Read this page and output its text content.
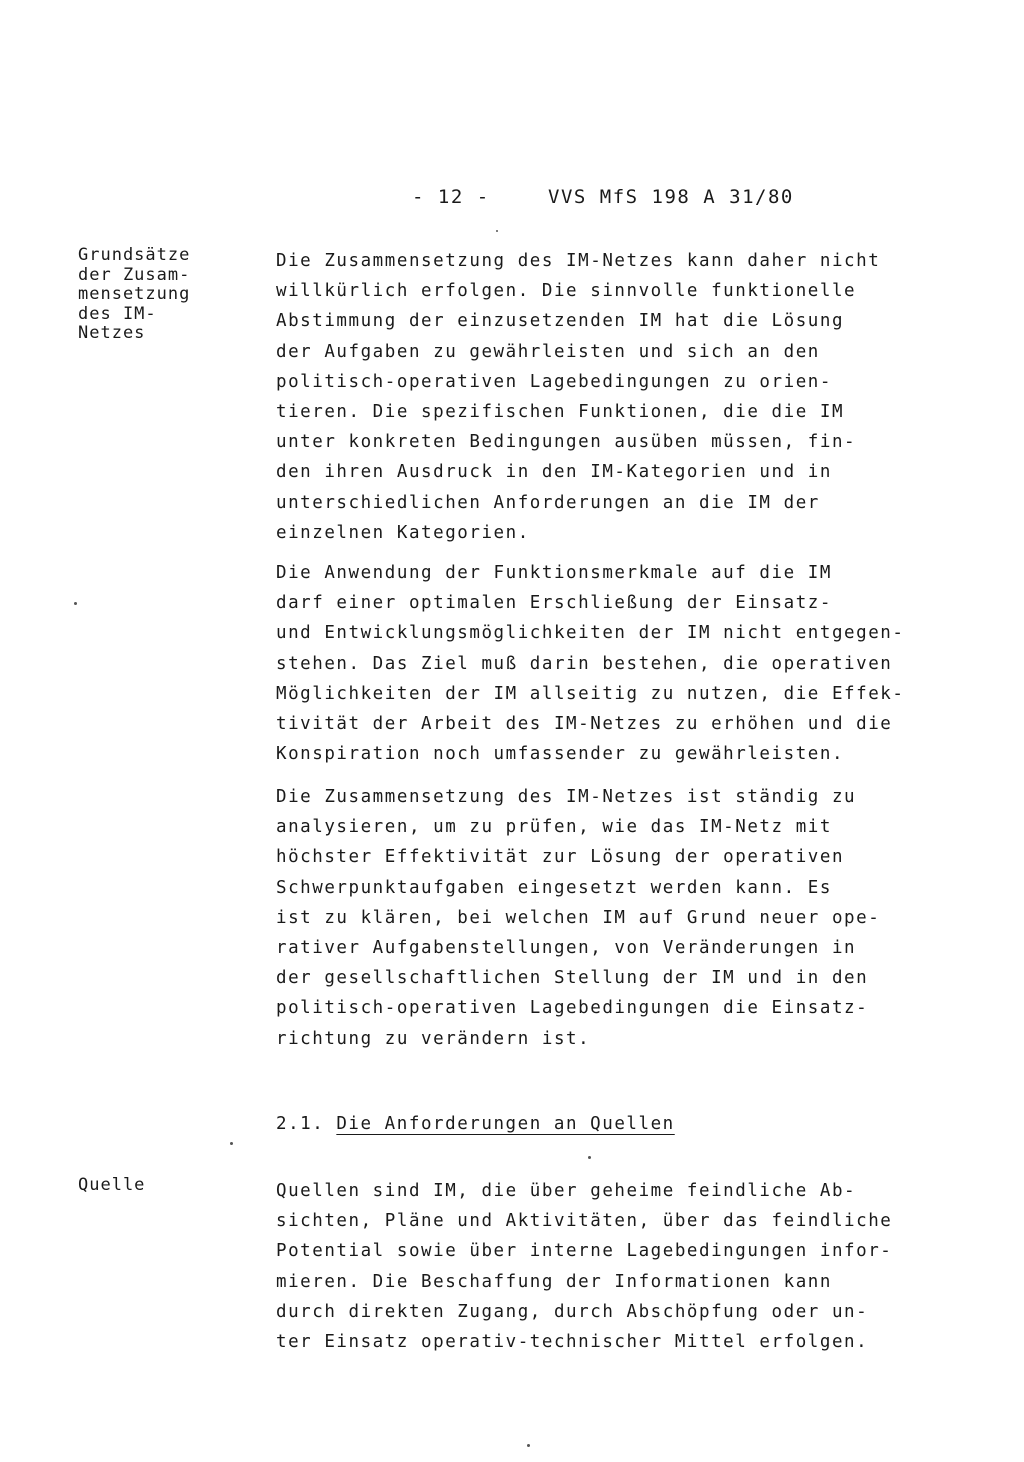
- 12 -	VVS MfS 198 A 31/80
Grundsätze
der Zusam-
mensetzung
des IM-
Netzes
Die Zusammensetzung des IM-Netzes kann daher nicht
willkürlich erfolgen. Die sinnvolle funktionelle
Abstimmung der einzusetzenden IM hat die Lösung
der Aufgaben zu gewährleisten und sich an den
politisch-operativen Lagebedingungen zu orien-
tieren. Die spezifischen Funktionen, die die IM
unter konkreten Bedingungen ausüben müssen, fin-
den ihren Ausdruck in den IM-Kategorien und in
unterschiedlichen Anforderungen an die IM der
einzelnen Kategorien.
Die Anwendung der Funktionsmerkmale auf die IM
darf einer optimalen Erschließung der Einsatz-
und Entwicklungsmöglichkeiten der IM nicht entgegen-
stehen. Das Ziel muß darin bestehen, die operativen
Möglichkeiten der IM allseitig zu nutzen, die Effek-
tivität der Arbeit des IM-Netzes zu erhöhen und die
Konspiration noch umfassender zu gewährleisten.
Die Zusammensetzung des IM-Netzes ist ständig zu
analysieren, um zu prüfen, wie das IM-Netz mit
höchster Effektivität zur Lösung der operativen
Schwerpunktaufgaben eingesetzt werden kann. Es
ist zu klären, bei welchen IM auf Grund neuer ope-
rativer Aufgabenstellungen, von Veränderungen in
der gesellschaftlichen Stellung der IM und in den
politisch-operativen Lagebedingungen die Einsatz-
richtung zu verändern ist.
2.1. Die Anforderungen an Quellen
Quelle	Quellen sind IM, die über geheime feindliche Ab-
sichten, Pläne und Aktivitäten, über das feindliche
Potential sowie über interne Lagebedingungen infor-
mieren. Die Beschaffung der Informationen kann
durch direkten Zugang, durch Abschöpfung oder un-
ter Einsatz operativ-technischer Mittel erfolgen.
